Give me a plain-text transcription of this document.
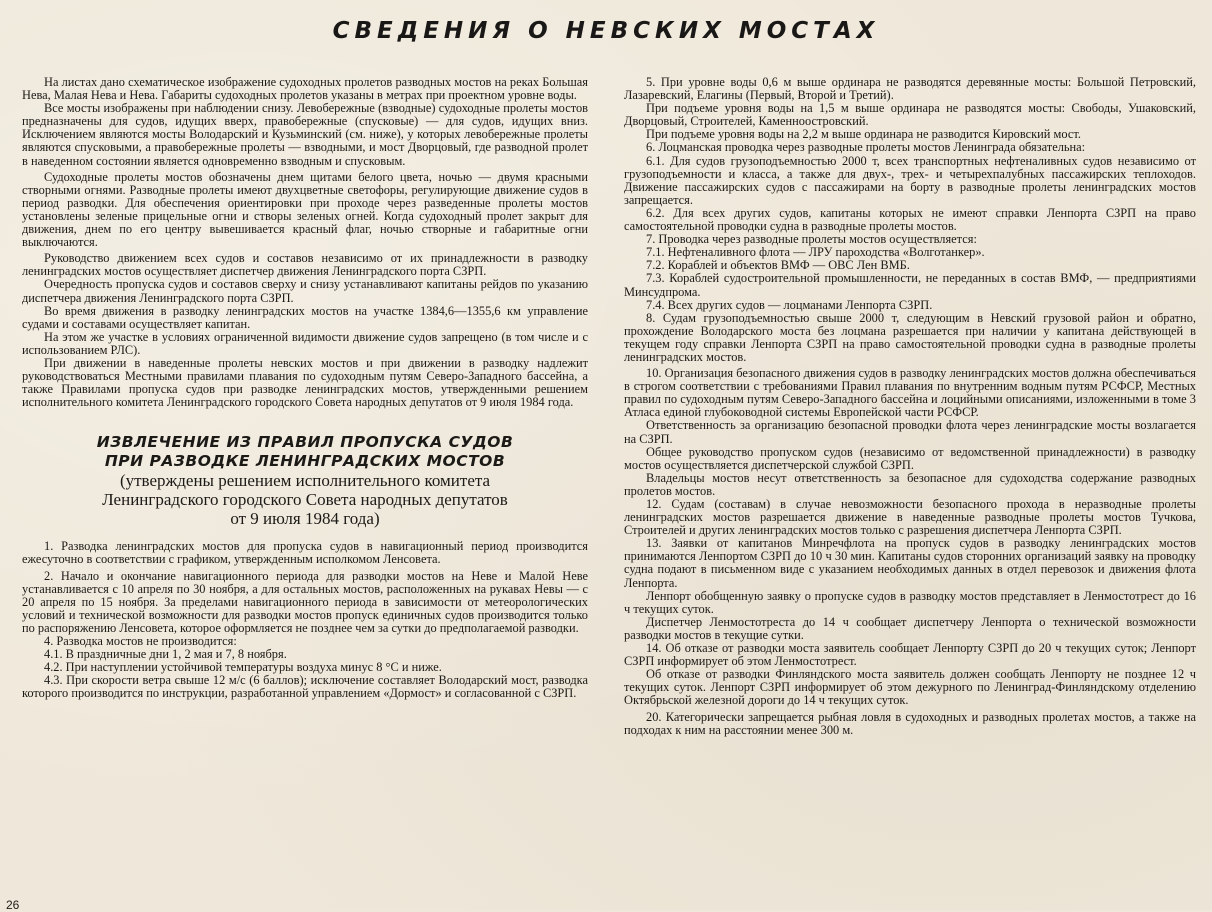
СВЕДЕНИЯ О НЕВСКИХ МОСТАХ

На листах дано схематическое изображение судоходных пролетов разводных мостов на реках Большая Нева, Малая Нева и Нева. Габариты судоходных пролетов указаны в метрах при проектном уровне воды.

Все мосты изображены при наблюдении снизу. Левобережные (взводные) судоходные пролеты мостов предназначены для судов, идущих вверх, правобережные (спусковые) — для судов, идущих вниз. Исключением являются мосты Володарский и Кузьминский (см. ниже), у которых левобережные пролеты являются спусковыми, а правобережные пролеты — взводными, и мост Дворцовый, где разводной пролет в наведенном состоянии является одновременно взводным и спусковым.

Судоходные пролеты мостов обозначены днем щитами белого цвета, ночью — двумя красными створными огнями. Разводные пролеты имеют двухцветные светофоры, регулирующие движение судов в период разводки. Для обеспечения ориентировки при проходе через разведенные пролеты мостов установлены зеленые прицельные огни и створы зеленых огней. Когда судоходный пролет закрыт для движения, днем по его центру вывешивается красный флаг, ночью створные и габаритные огни выключаются.

Руководство движением всех судов и составов независимо от их принадлежности в разводку ленинградских мостов осуществляет диспетчер движения Ленинградского порта СЗРП.

Очередность пропуска судов и составов сверху и снизу устанавливают капитаны рейдов по указанию диспетчера движения Ленинградского порта СЗРП.

Во время движения в разводку ленинградских мостов на участке 1384,6—1355,6 км управление судами и составами осуществляет капитан.

На этом же участке в условиях ограниченной видимости движение судов запрещено (в том числе и с использованием РЛС).

При движении в наведенные пролеты невских мостов и при движении в разводку надлежит руководствоваться Местными правилами плавания по судоходным путям Северо-Западного бассейна, а также Правилами пропуска судов при разводке ленинградских мостов, утвержденными решением исполнительного комитета Ленинградского городского Совета народных депутатов от 9 июля 1984 года.

ИЗВЛЕЧЕНИЕ ИЗ ПРАВИЛ ПРОПУСКА СУДОВ
ПРИ РАЗВОДКЕ ЛЕНИНГРАДСКИХ МОСТОВ
(утверждены решением исполнительного комитета
Ленинградского городского Совета народных депутатов
от 9 июля 1984 года)

1. Разводка ленинградских мостов для пропуска судов в навигационный период производится ежесуточно в соответствии с графиком, утвержденным исполкомом Ленсовета.

2. Начало и окончание навигационного периода для разводки мостов на Неве и Малой Неве устанавливается с 10 апреля по 30 ноября, а для остальных мостов, расположенных на рукавах Невы — с 20 апреля по 15 ноября. За пределами навигационного периода в зависимости от метеорологических условий и технической возможности для разводки мостов пропуск единичных судов производится только по распоряжению Ленсовета, которое оформляется не позднее чем за сутки до предполагаемой разводки.

4. Разводка мостов не производится:

4.1. В праздничные дни 1, 2 мая и 7, 8 ноября.

4.2. При наступлении устойчивой температуры воздуха минус 8 °С и ниже.

4.3. При скорости ветра свыше 12 м/с (6 баллов); исключение составляет Володарский мост, разводка которого производится по инструкции, разработанной управлением «Дормост» и согласованной с СЗРП.

5. При уровне воды 0,6 м выше ординара не разводятся деревянные мосты: Большой Петровский, Лазаревский, Елагины (Первый, Второй и Третий).

При подъеме уровня воды на 1,5 м выше ординара не разводятся мосты: Свободы, Ушаковский, Дворцовый, Строителей, Каменноостровский.

При подъеме уровня воды на 2,2 м выше ординара не разводится Кировский мост.

6. Лоцманская проводка через разводные пролеты мостов Ленинграда обязательна:

6.1. Для судов грузоподъемностью 2000 т, всех транспортных нефтеналивных судов независимо от грузоподъемности и класса, а также для двух-, трех- и четырехпалубных пассажирских теплоходов. Движение пассажирских судов с пассажирами на борту в разводные пролеты ленинградских мостов запрещается.

6.2. Для всех других судов, капитаны которых не имеют справки Ленпорта СЗРП на право самостоятельной проводки судна в разводные пролеты мостов.

7. Проводка через разводные пролеты мостов осуществляется:

7.1. Нефтеналивного флота — ЛРУ пароходства «Волготанкер».

7.2. Кораблей и объектов ВМФ — ОВС Лен ВМБ.

7.3. Кораблей судостроительной промышленности, не переданных в состав ВМФ, — предприятиями Минсудпрома.

7.4. Всех других судов — лоцманами Ленпорта СЗРП.

8. Судам грузоподъемностью свыше 2000 т, следующим в Невский грузовой район и обратно, прохождение Володарского моста без лоцмана разрешается при наличии у капитана действующей в текущем году справки Ленпорта СЗРП на право самостоятельной проводки судна в разводные пролеты ленинградских мостов.

10. Организация безопасного движения судов в разводку ленинградских мостов должна обеспечиваться в строгом соответствии с требованиями Правил плавания по внутренним водным путям РСФСР, Местных правил по судоходным путям Северо-Западного бассейна и лоцийными описаниями, изложенными в томе 3 Атласа единой глубоководной системы Европейской части РСФСР.

Ответственность за организацию безопасной проводки флота через ленинградские мосты возлагается на СЗРП.

Общее руководство пропуском судов (независимо от ведомственной принадлежности) в разводку мостов осуществляется диспетчерской службой СЗРП.

Владельцы мостов несут ответственность за безопасное для судоходства содержание разводных пролетов мостов.

12. Судам (составам) в случае невозможности безопасного прохода в неразводные пролеты ленинградских мостов разрешается движение в наведенные разводные пролеты мостов Тучкова, Строителей и других ленинградских мостов только с разрешения диспетчера Ленпорта СЗРП.

13. Заявки от капитанов Минречфлота на пропуск судов в разводку ленинградских мостов принимаются Ленпортом СЗРП до 10 ч 30 мин. Капитаны судов сторонних организаций заявку на проводку судна подают в письменном виде с указанием необходимых данных в отдел перевозок и движения флота Ленпорта.

Ленпорт обобщенную заявку о пропуске судов в разводку мостов представляет в Ленмостотрест до 16 ч текущих суток.

Диспетчер Ленмостотреста до 14 ч сообщает диспетчеру Ленпорта о технической возможности разводки мостов в текущие сутки.

14. Об отказе от разводки моста заявитель сообщает Ленпорту СЗРП до 20 ч текущих суток; Ленпорт СЗРП информирует об этом Ленмостотрест.

Об отказе от разводки Финляндского моста заявитель должен сообщать Ленпорту не позднее 12 ч текущих суток. Ленпорт СЗРП информирует об этом дежурного по Ленинград-Финляндскому отделению Октябрьской железной дороги до 14 ч текущих суток.

20. Категорически запрещается рыбная ловля в судоходных и разводных пролетах мостов, а также на подходах к ним на расстоянии менее 300 м.

26
